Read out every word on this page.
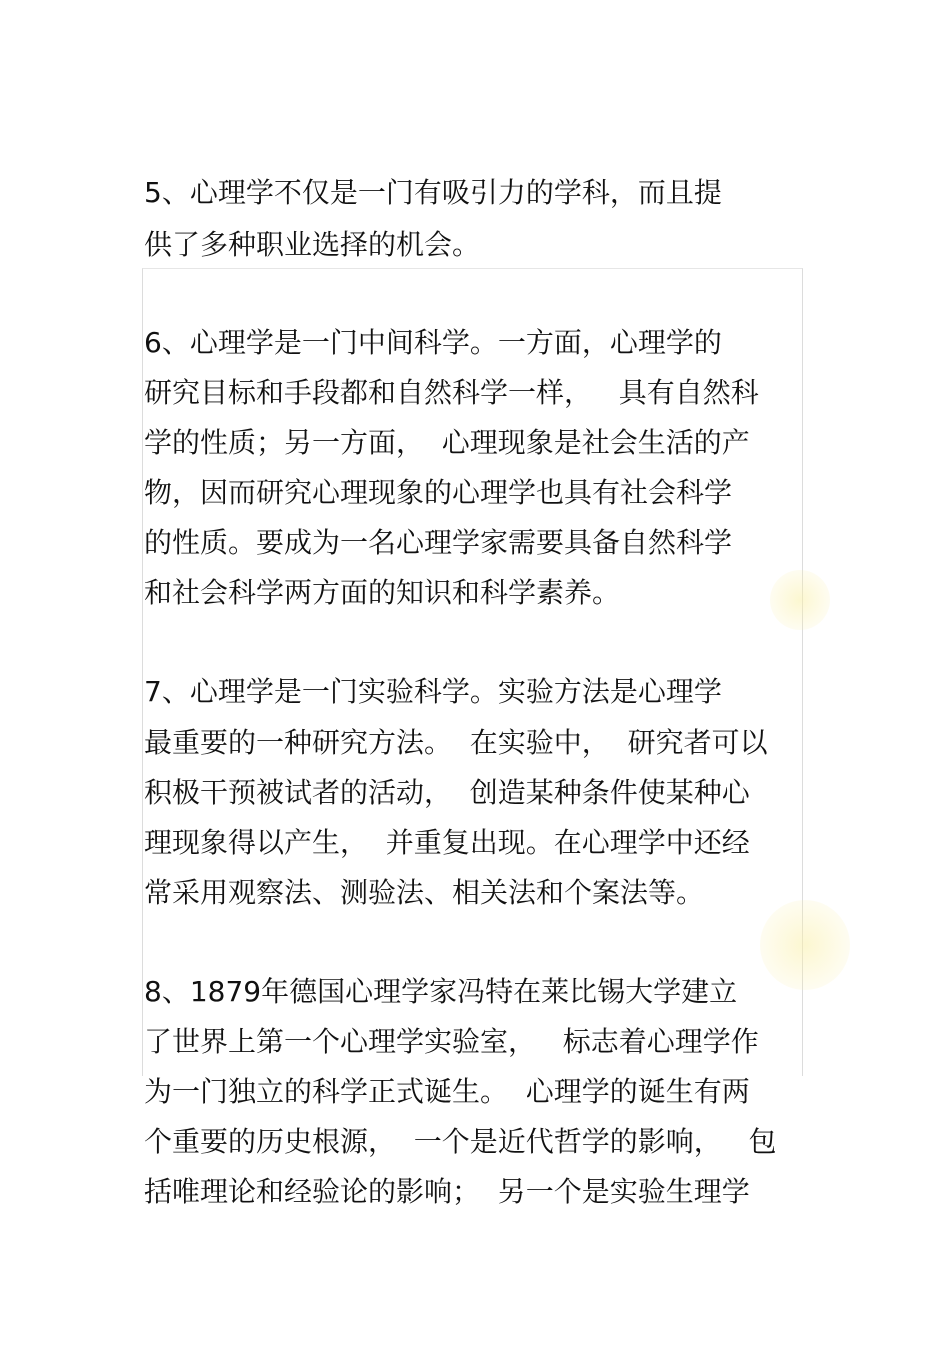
5、心理学不仅是一门有吸引力的学科，而且提
供了多种职业选择的机会。
6、心理学是一门中间科学。一方面，心理学的
研究目标和手段都和自然科学一样，   具有自然科
学的性质；另一方面，  心理现象是社会生活的产
物，因而研究心理现象的心理学也具有社会科学
的性质。要成为一名心理学家需要具备自然科学
和社会科学两方面的知识和科学素养。
7、心理学是一门实验科学。实验方法是心理学
最重要的一种研究方法。  在实验中，  研究者可以
积极干预被试者的活动，  创造某种条件使某种心
理现象得以产生，  并重复出现。在心理学中还经
常采用观察法、测验法、相关法和个案法等。
8、1879年德国心理学家冯特在莱比锡大学建立
了世界上第一个心理学实验室，   标志着心理学作
为一门独立的科学正式诞生。  心理学的诞生有两
个重要的历史根源，  一个是近代哲学的影响，   包
括唯理论和经验论的影响；  另一个是实验生理学
